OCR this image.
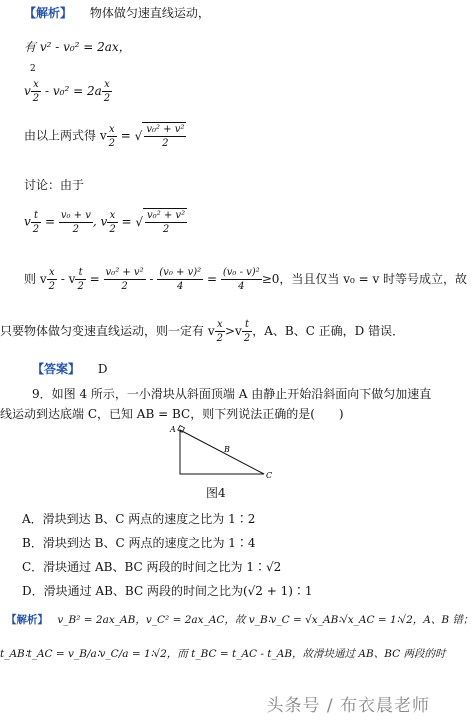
【解析】 物体做匀速直线运动，
有 v² - v₀² = 2ax，
2
v $\frac{x}{2} - v_0^2 = 2a \frac{x}{2}$
由以上两式得 v $\frac{x}{2}$ = √ $\frac{\text{v₀² + v²}}{2}$
讨论：由于
v $\frac{t}{2} = \frac{\text{v₀ + v}}{2}$ , v $\frac{x}{2}$ = √ $\frac{\text{v₀² + v²}}{2}$
则 v $\frac{x}{2} - v \frac{t}{2} = \frac{\text{v₀² + v²}}{2} - \frac{\text{(v₀ + v)²}}{4} = \frac{\text{(v₀ - v)²}}{4} \ge 0$，当且仅当 v₀ = v 时等号成立，故
只要物体做匀变速直线运动，则一定有 v $\frac{x}{2} >v \frac{t}{2}$ ，A、B、C 正确，D 错误．
【答案】 D
9．如图 4 所示，一小滑块从斜面顶端 A 由静止开始沿斜面向下做匀加速直
线运动到达底端 C，已知 AB = BC，则下列说法正确的是(　　)
A
B
C
图4
A．滑块到达 B、C 两点的速度之比为 1∶2
B．滑块到达 B、C 两点的速度之比为 1∶4
C．滑块通过 AB、BC 两段的时间之比为 1∶√2
D．滑块通过 AB、BC 两段的时间之比为(√2 + 1)∶1
【解析】 v_B² = 2ax_AB，v_C² = 2ax_AC，故 v_B∶v_C = √x_AB∶√x_AC = 1∶√2，A、B 错；
t_AB∶t_AC = v_B/a∶v_C/a = 1∶√2，而 t_BC = t_AC - t_AB，故滑块通过 AB、BC 两段的时
头条号 / 布衣晨老师
